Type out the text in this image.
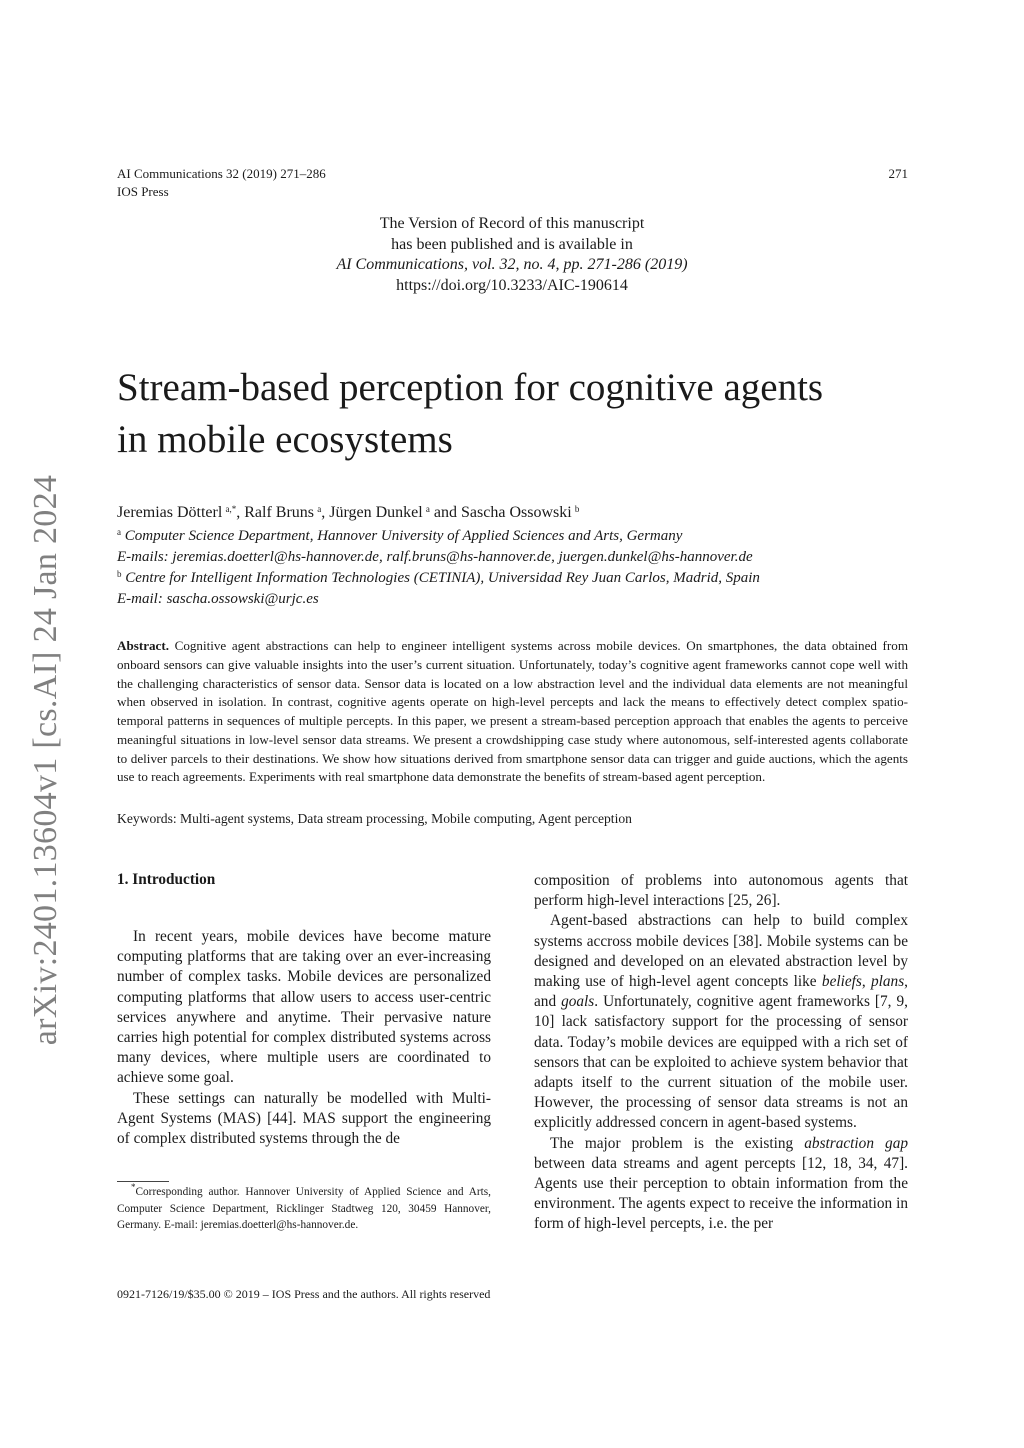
AI Communications 32 (2019) 271–286
IOS Press
271
The Version of Record of this manuscript
has been published and is available in
AI Communications, vol. 32, no. 4, pp. 271-286 (2019)
https://doi.org/10.3233/AIC-190614
Stream-based perception for cognitive agents
in mobile ecosystems
Jeremias Dötterl  $^{a,*}$, Ralf Bruns  $^a$, Jürgen Dunkel  $^a$ and Sascha Ossowski  $^b$
$^a$ Computer Science Department, Hannover University of Applied Sciences and Arts, Germany
E-mails: jeremias.doetterl@hs-hannover.de, ralf.bruns@hs-hannover.de, juergen.dunkel@hs-hannover.de
$^b$ Centre for Intelligent Information Technologies (CETINIA), Universidad Rey Juan Carlos, Madrid, Spain
E-mail: sascha.ossowski@urjc.es
Abstract. Cognitive agent abstractions can help to engineer intelligent systems across mobile devices. On smartphones, the data obtained from onboard sensors can give valuable insights into the user’s current situation. Unfortunately, today’s cognitive agent frameworks cannot cope well with the challenging characteristics of sensor data. Sensor data is located on a low abstraction level and the individual data elements are not meaningful when observed in isolation. In contrast, cognitive agents operate on high-level percepts and lack the means to effectively detect complex spatio-temporal patterns in sequences of multiple percepts. In this paper, we present a stream-based perception approach that enables the agents to perceive meaningful situations in low-level sensor data streams. We present a crowdshipping case study where autonomous, self-interested agents collaborate to deliver parcels to their destinations. We show how situations derived from smartphone sensor data can trigger and guide auctions, which the agents use to reach agreements. Experiments with real smartphone data demonstrate the benefits of stream-based agent perception.
Keywords: Multi-agent systems, Data stream processing, Mobile computing, Agent perception
1. Introduction

In recent years, mobile devices have become mature computing platforms that are taking over an ever-increasing number of complex tasks. Mobile devices are personalized computing platforms that allow users to access user-centric services anywhere and anytime. Their pervasive nature carries high potential for complex distributed systems across many devices, where multiple users are coordinated to achieve some goal.

These settings can naturally be modelled with Multi-Agent Systems (MAS) [44]. MAS support the engineering of complex distributed systems through the de

*Corresponding author. Hannover University of Applied Science and Arts, Computer Science Department, Ricklinger Stadtweg 120, 30459 Hannover, Germany. E-mail: jeremias.doetterl@hs-hannover.de.

composition of problems into autonomous agents that perform high-level interactions [25, 26].

Agent-based abstractions can help to build complex systems accross mobile devices [38]. Mobile systems can be designed and developed on an elevated abstraction level by making use of high-level agent concepts like beliefs, plans, and goals. Unfortunately, cognitive agent frameworks [7, 9, 10] lack satisfactory support for the processing of sensor data. Today’s mobile devices are equipped with a rich set of sensors that can be exploited to achieve system behavior that adapts itself to the current situation of the mobile user. However, the processing of sensor data streams is not an explicitly addressed concern in agent-based systems.

The major problem is the existing abstraction gap between data streams and agent percepts [12, 18, 34, 47]. Agents use their perception to obtain information from the environment. The agents expect to receive the information in form of high-level percepts, i.e. the per

0921-7126/19/$35.00 © 2019 – IOS Press and the authors. All rights reserved
arXiv:2401.13604v1 [cs.AI] 24 Jan 2024
